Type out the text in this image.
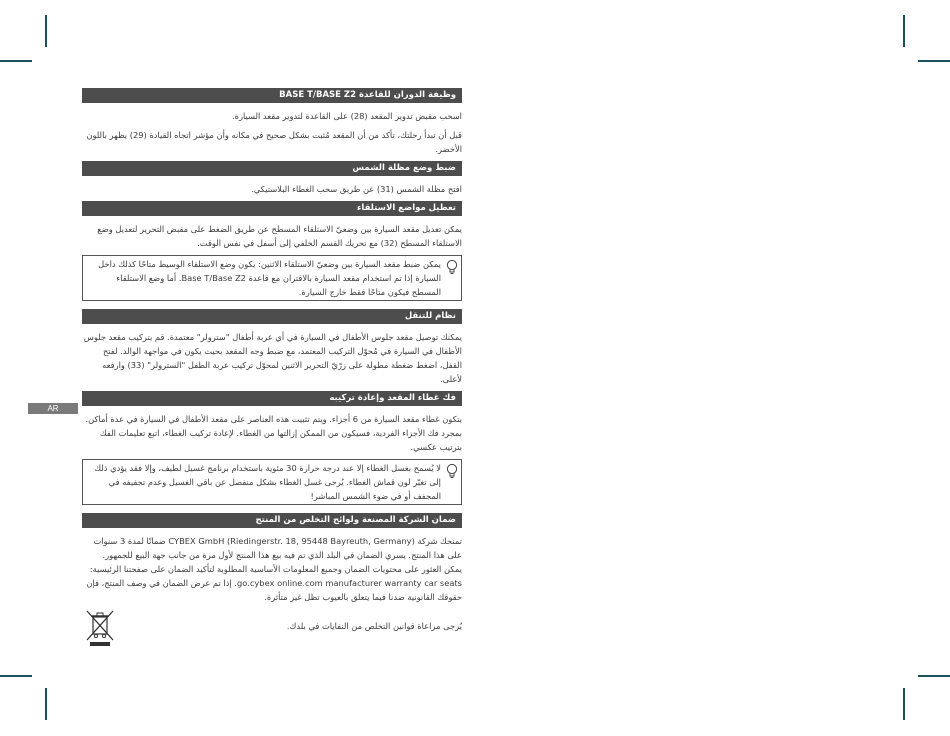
AR
وظيفة الدوران للقاعدة BASE T/BASE Z2

اسحب مقبض تدوير المقعد (28) على القاعدة لتدوير مقعد السيارة.

قبل أن تبدأ رحلتك، تأكد من أن المقعد مُثبت بشكل صحيح في مكانه وأن مؤشر اتجاه القيادة (29) يظهر باللون الأخضر.

ضبط وضع مظلة الشمس

افتح مظلة الشمس (31) عن طريق سحب الغطاء البلاستيكي.

تعطيل مواضع الاستلقاء

يمكن تعديل مقعد السيارة بين وضعيّ الاستلقاء المسطح عن طريق الضغط على مقبض التحرير لتعديل وضع الاستلقاء المسطح (32) مع تحريك القسم الخلفي إلى أسفل في نفس الوقت.

يمكن ضبط مقعد السيارة بين وضعيّ الاستلقاء الاثنين: يكون وضع الاستلقاء الوسيط متاحًا كذلك داخل السيارة إذا تم استخدام مقعد السيارة بالاقتران مع قاعدة Base T/Base Z2. أما وضع الاستلقاء المسطح فيكون متاحًا فقط خارج السيارة.

نظام للتنقل

يمكنك توصيل مقعد جلوس الأطفال في السيارة في أي عربة أطفال "سترولر" معتمدة. قم بتركيب مقعد جلوس الأطفال في السيارة في مُحوّل التركيب المعتمد، مع ضبط وجه المقعد بحيث يكون في مواجهة الوالد. لفتح القفل، اضغط ضغطة مطولة على زرّيّ التحرير الاثنين لمحوّل تركيب عربة الطفل "السترولر" (33) وارفعه لأعلى.

فك غطاء المقعد وإعادة تركيبه

يتكون غطاء مقعد السيارة من 6 أجزاء. ويتم تثبيت هذه العناصر على مقعد الأطفال في السيارة في عدة أماكن. بمجرد فك الأجزاء الفردية، فسيكون من الممكن إزالتها من الغطاء. لإعادة تركيب الغطاء، اتبع تعليمات الفك بترتيب عكسي.

لا يُسمح بغسل الغطاء إلا عند درجة حرارة 30 مئوية باستخدام برنامج غسيل لطيف، وإلا فقد يؤدي ذلك إلى تغيّر لون قماش الغطاء. يُرجى غسل الغطاء بشكل منفصل عن باقي الغسيل وعدم تجفيفه في المجفف أو في ضوء الشمس المباشر!

ضمان الشركة المصنعة ولوائح التخلص من المنتج

تمنحك شركة CYBEX GmbH (Riedingerstr. 18, 95448 Bayreuth, Germany) ضمانًا لمدة 3 سنوات على هذا المنتج. يسري الضمان في البلد الذي تم فيه بيع هذا المنتج لأول مرة من جانب جهة البيع للجمهور. يمكن العثور على محتويات الضمان وجميع المعلومات الأساسية المطلوبة لتأكيد الضمان على صفحتنا الرئيسية: go.cybex online.com manufacturer warranty car seats. إذا تم عرض الضمان في وصف المنتج، فإن حقوقك القانونية ضدنا فيما يتعلق بالعيوب تظل غير متأثرة.

يُرجى مراعاة قوانين التخلص من النفايات في بلدك.
